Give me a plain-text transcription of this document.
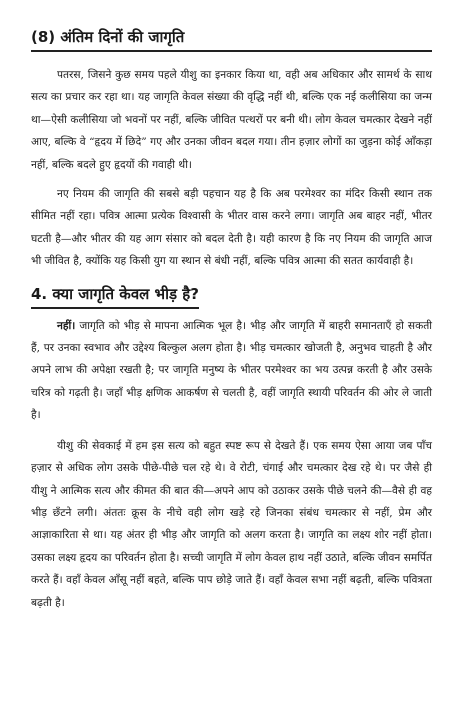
(8) अंतिम दिनों की जागृति

पतरस, जिसने कुछ समय पहले यीशु का इनकार किया था, वही अब अधिकार और सामर्थ के साथ सत्य का प्रचार कर रहा था। यह जागृति केवल संख्या की वृद्धि नहीं थी, बल्कि एक नई कलीसिया का जन्म था—ऐसी कलीसिया जो भवनों पर नहीं, बल्कि जीवित पत्थरों पर बनी थी। लोग केवल चमत्कार देखने नहीं आए, बल्कि वे “हृदय में छिदे” गए और उनका जीवन बदल गया। तीन हज़ार लोगों का जुड़ना कोई आँकड़ा नहीं, बल्कि बदले हुए हृदयों की गवाही थी।

नए नियम की जागृति की सबसे बड़ी पहचान यह है कि अब परमेश्वर का मंदिर किसी स्थान तक सीमित नहीं रहा। पवित्र आत्मा प्रत्येक विश्वासी के भीतर वास करने लगा। जागृति अब बाहर नहीं, भीतर घटती है—और भीतर की यह आग संसार को बदल देती है। यही कारण है कि नए नियम की जागृति आज भी जीवित है, क्योंकि यह किसी युग या स्थान से बंधी नहीं, बल्कि पवित्र आत्मा की सतत कार्यवाही है।

4. क्या जागृति केवल भीड़ है?

नहीं। जागृति को भीड़ से मापना आत्मिक भूल है। भीड़ और जागृति में बाहरी समानताएँ हो सकती हैं, पर उनका स्वभाव और उद्देश्य बिल्कुल अलग होता है। भीड़ चमत्कार खोजती है, अनुभव चाहती है और अपने लाभ की अपेक्षा रखती है; पर जागृति मनुष्य के भीतर परमेश्वर का भय उत्पन्न करती है और उसके चरित्र को गढ़ती है। जहाँ भीड़ क्षणिक आकर्षण से चलती है, वहीं जागृति स्थायी परिवर्तन की ओर ले जाती है।

यीशु की सेवकाई में हम इस सत्य को बहुत स्पष्ट रूप से देखते हैं। एक समय ऐसा आया जब पाँच हज़ार से अधिक लोग उसके पीछे-पीछे चल रहे थे। वे रोटी, चंगाई और चमत्कार देख रहे थे। पर जैसे ही यीशु ने आत्मिक सत्य और कीमत की बात की—अपने आप को उठाकर उसके पीछे चलने की—वैसे ही वह भीड़ छँटने लगी। अंततः क्रूस के नीचे वही लोग खड़े रहे जिनका संबंध चमत्कार से नहीं, प्रेम और आज्ञाकारिता से था। यह अंतर ही भीड़ और जागृति को अलग करता है। जागृति का लक्ष्य शोर नहीं होता। उसका लक्ष्य हृदय का परिवर्तन होता है। सच्ची जागृति में लोग केवल हाथ नहीं उठाते, बल्कि जीवन समर्पित करते हैं। वहाँ केवल आँसू नहीं बहते, बल्कि पाप छोड़े जाते हैं। वहाँ केवल सभा नहीं बढ़ती, बल्कि पवित्रता बढ़ती है।
